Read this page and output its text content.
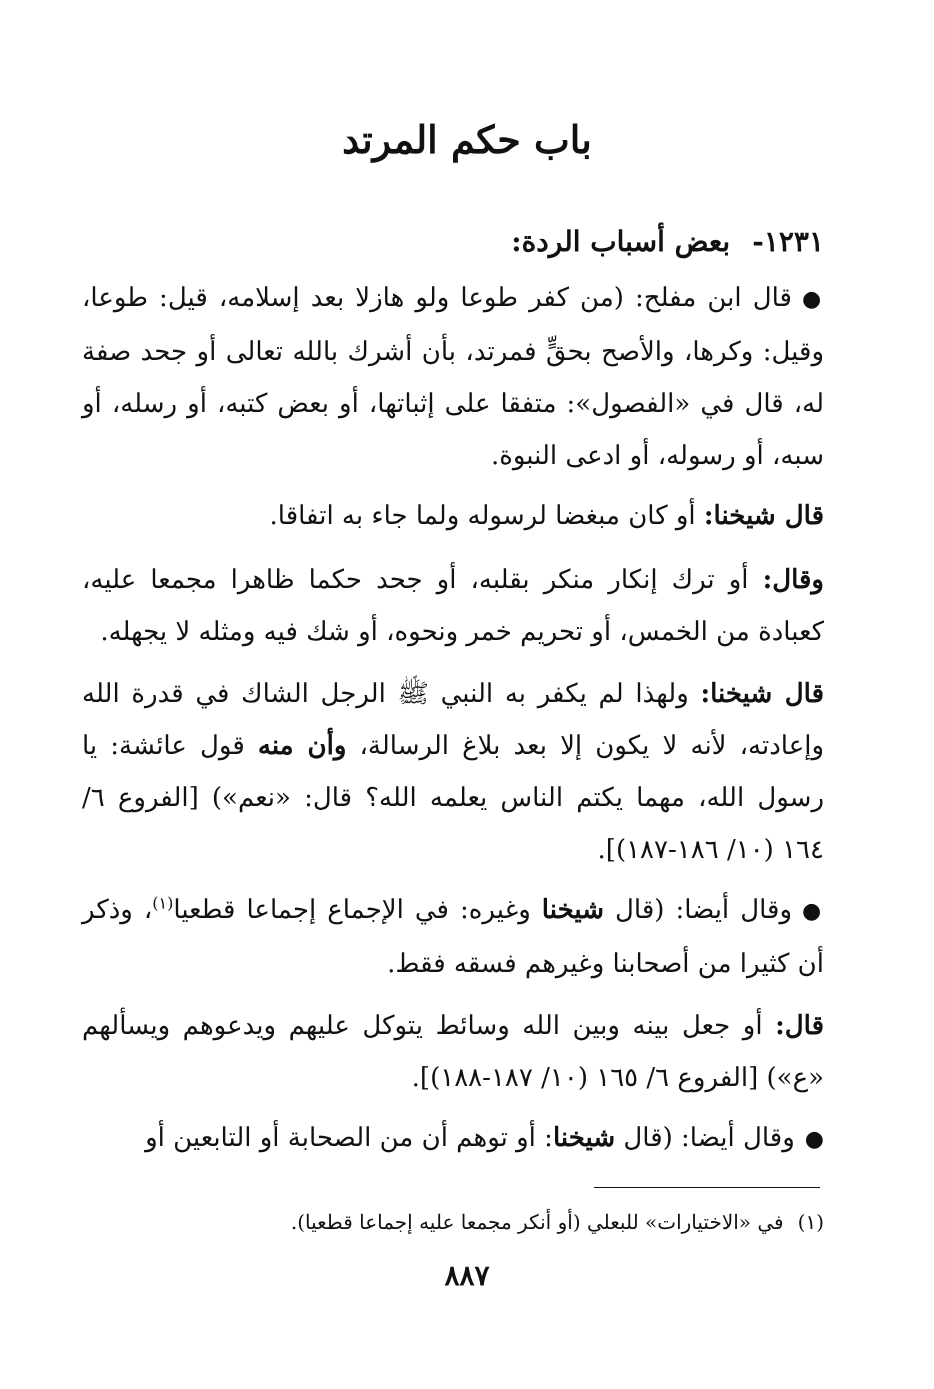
باب حكم المرتد
١٢٣١-بعض أسباب الردة:
●قال ابن مفلح: (من كفر طوعا ولو هازلا بعد إسلامه، قيل: طوعا، وقيل: وكرها، والأصح بحقٍّ فمرتد، بأن أشرك بالله تعالى أو جحد صفة له، قال في «الفصول»: متفقا على إثباتها، أو بعض كتبه، أو رسله، أو سبه، أو رسوله، أو ادعى النبوة.
قال شيخنا: أو كان مبغضا لرسوله ولما جاء به اتفاقا.
وقال: أو ترك إنكار منكر بقلبه، أو جحد حكما ظاهرا مجمعا عليه، كعبادة من الخمس، أو تحريم خمر ونحوه، أو شك فيه ومثله لا يجهله.
قال شيخنا: ولهذا لم يكفر به النبي ﷺ الرجل الشاك في قدرة الله وإعادته، لأنه لا يكون إلا بعد بلاغ الرسالة، وأن منه قول عائشة: يا رسول الله، مهما يكتم الناس يعلمه الله؟ قال: «نعم») [الفروع ٦/ ١٦٤ (١٠/ ١٨٦-١٨٧)].
●وقال أيضا: (قال شيخنا وغيره: في الإجماع إجماعا قطعيا$^{(١)}$، وذكر أن كثيرا من أصحابنا وغيرهم فسقه فقط.
قال: أو جعل بينه وبين الله وسائط يتوكل عليهم ويدعوهم ويسألهم «ع») [الفروع ٦/ ١٦٥ (١٠/ ١٨٧-١٨٨)].
●وقال أيضا: (قال شيخنا: أو توهم أن من الصحابة أو التابعين أو
(١)في «الاختيارات» للبعلي (أو أنكر مجمعا عليه إجماعا قطعيا).
٨٨٧
